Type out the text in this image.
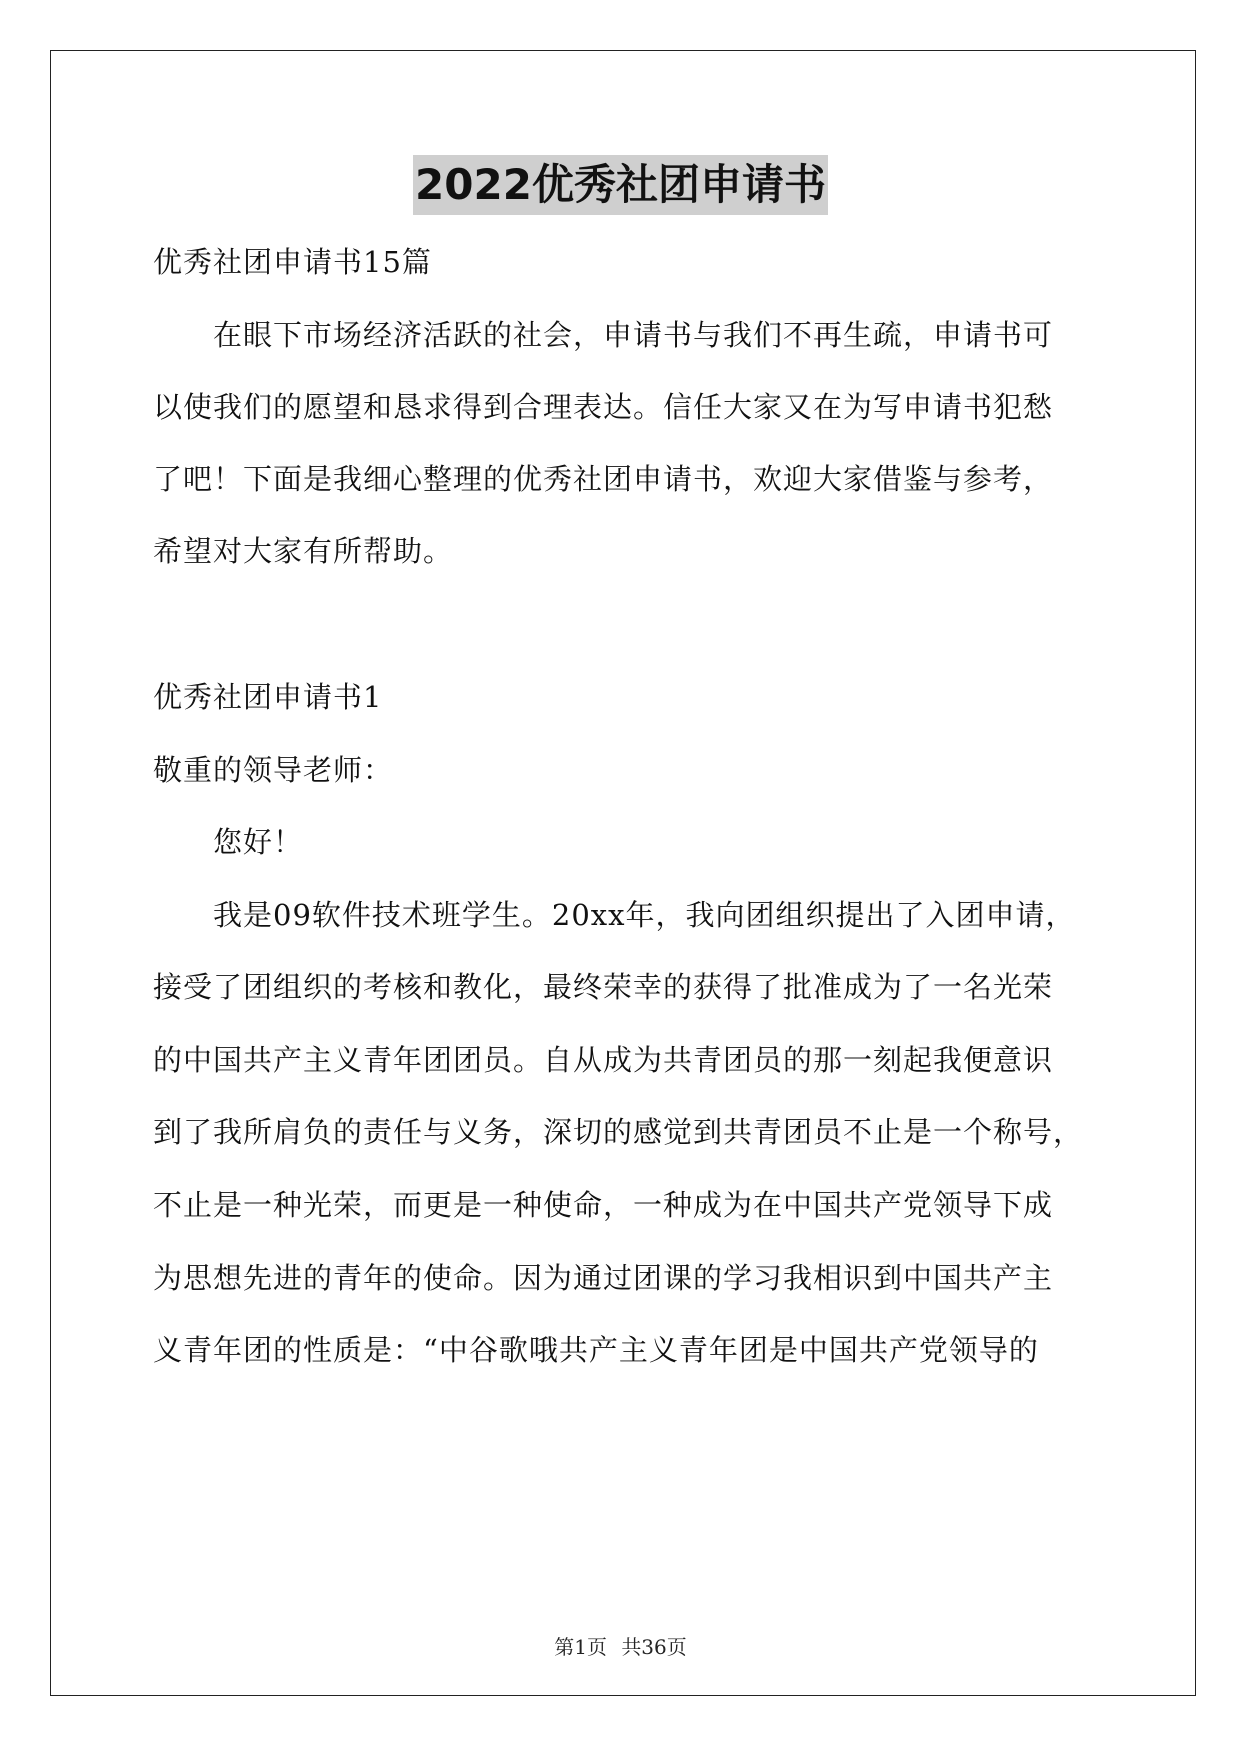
2022优秀社团申请书
优秀社团申请书15篇
在眼下市场经济活跃的社会，申请书与我们不再生疏，申请书可
以使我们的愿望和恳求得到合理表达。信任大家又在为写申请书犯愁
了吧！下面是我细心整理的优秀社团申请书，欢迎大家借鉴与参考，
希望对大家有所帮助。
优秀社团申请书1
敬重的领导老师：
您好！
我是09软件技术班学生。20xx年，我向团组织提出了入团申请，
接受了团组织的考核和教化，最终荣幸的获得了批准成为了一名光荣
的中国共产主义青年团团员。自从成为共青团员的那一刻起我便意识
到了我所肩负的责任与义务，深切的感觉到共青团员不止是一个称号，
不止是一种光荣，而更是一种使命，一种成为在中国共产党领导下成
为思想先进的青年的使命。因为通过团课的学习我相识到中国共产主
义青年团的性质是：“中谷歌哦共产主义青年团是中国共产党领导的
第1页 共36页
